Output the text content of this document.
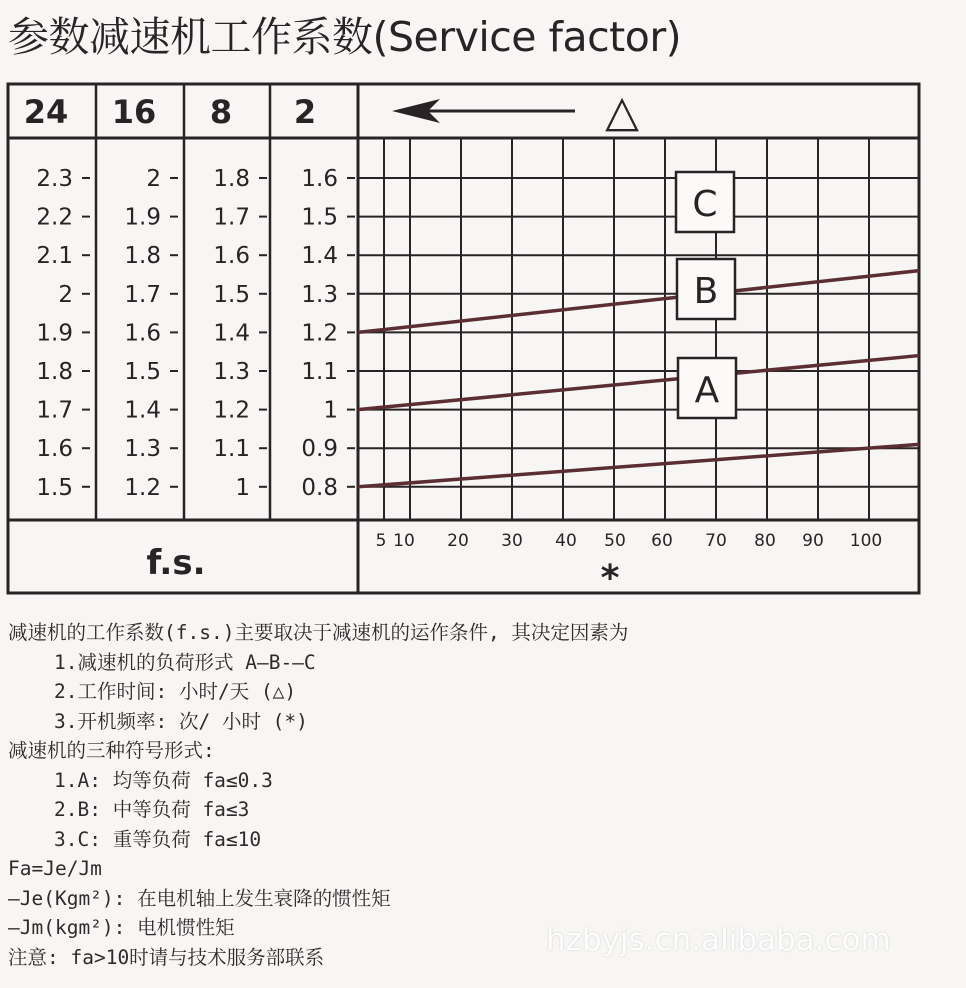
参数减速机工作系数(Service factor)
24 16 8 2	△
2.3
2.2
2.1
2
1.9
1.8
1.7
1.6
1.5
2
1.9
1.8
1.7
1.6
1.5
1.4
1.3
1.2
1.8
1.7
1.6
1.5
1.4
1.3
1.2
1.1
1
1.6
1.5
1.4
1.3
1.2
1.1
1
0.9
0.8
f.s.
5 10 20 30 40 50 60 70 80 90 100
*
A
B
C
减速机的工作系数(f.s.)主要取决于减速机的运作条件, 其决定因素为
1.减速机的负荷形式 A—B-—C
2.工作时间: 小时/天 (△)
3.开机频率: 次/ 小时 (*)
减速机的三种符号形式:
1.A: 均等负荷 fa≤0.3
2.B: 中等负荷 fa≤3
3.C: 重等负荷 fa≤10
Fa=Je/Jm
—Je(Kgm²): 在电机轴上发生衰降的惯性矩
—Jm(kgm²): 电机惯性矩
注意: fa>10时请与技术服务部联系	hzbyjs.cn.alibaba.com
